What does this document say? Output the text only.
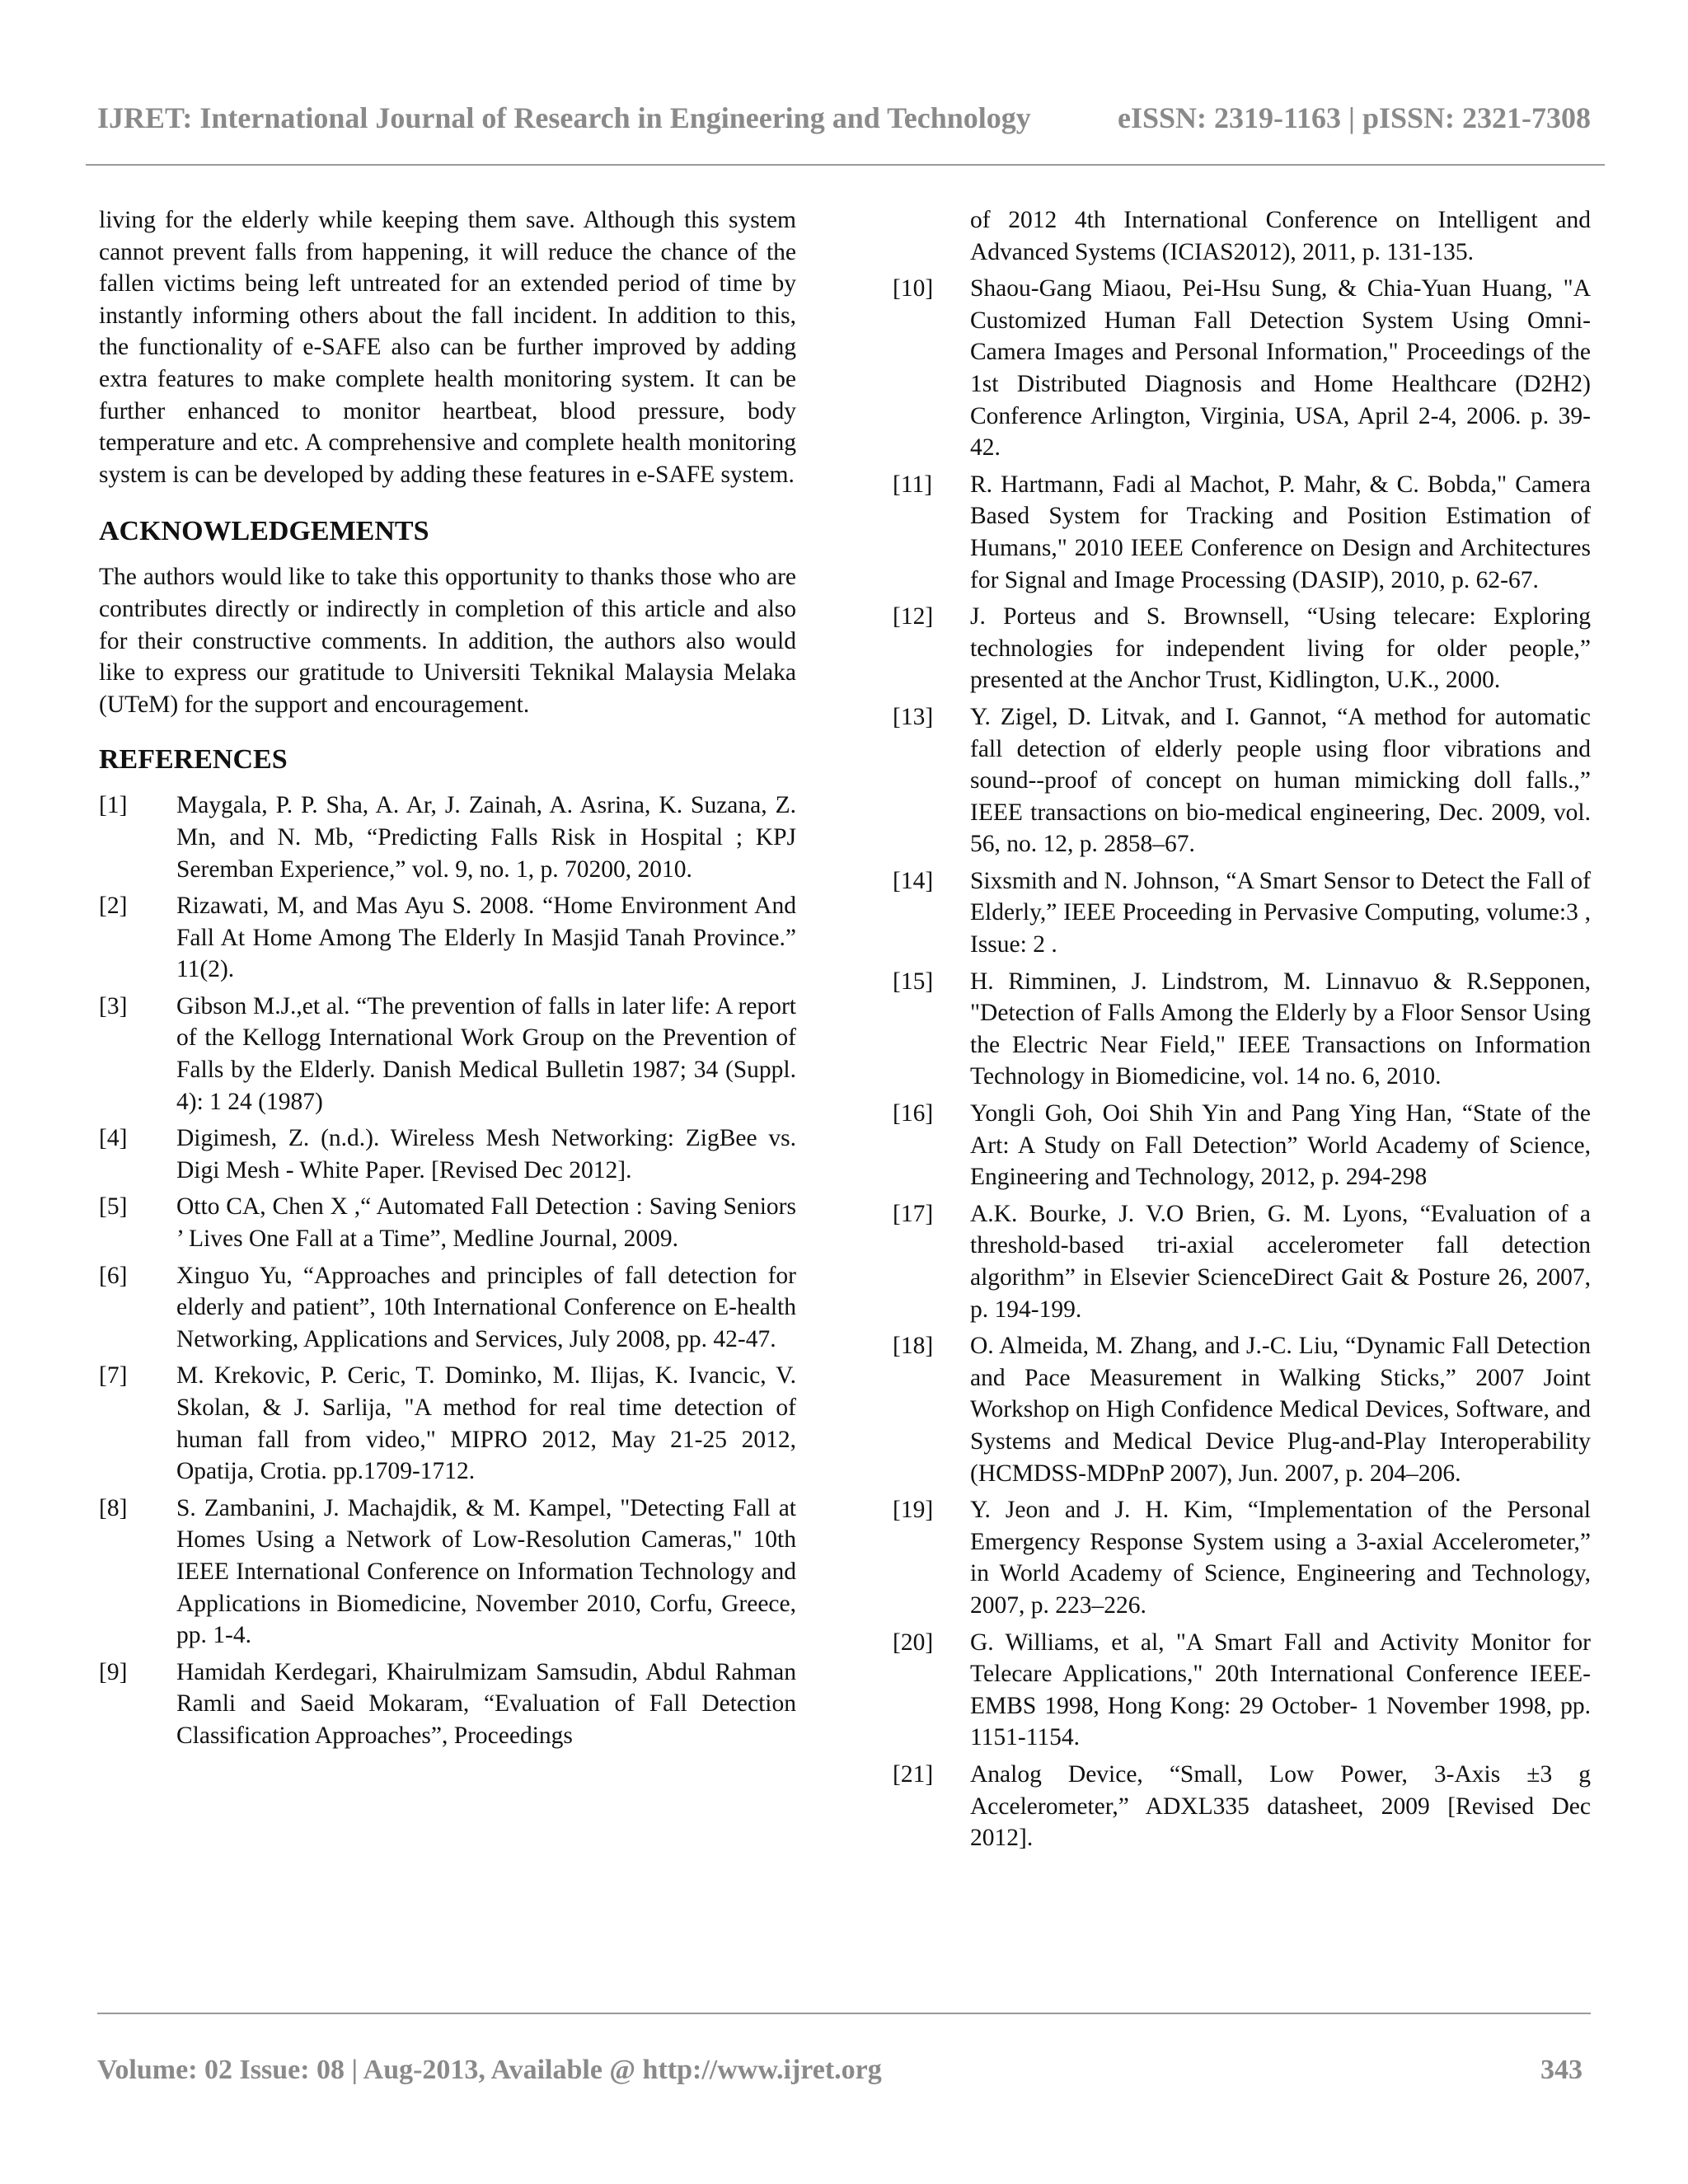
IJRET: International Journal of Research in Engineering and Technology	eISSN: 2319-1163 | pISSN: 2321-7308

living for the elderly while keeping them save. Although this system cannot prevent falls from happening, it will reduce the chance of the fallen victims being left untreated for an extended period of time by instantly informing others about the fall incident. In addition to this, the functionality of e-SAFE also can be further improved by adding extra features to make complete health monitoring system. It can be further enhanced to monitor heartbeat, blood pressure, body temperature and etc. A comprehensive and complete health monitoring system is can be developed by adding these features in e-SAFE system.

ACKNOWLEDGEMENTS

The authors would like to take this opportunity to thanks those who are contributes directly or indirectly in completion of this article and also for their constructive comments. In addition, the authors also would like to express our gratitude to Universiti Teknikal Malaysia Melaka (UTeM) for the support and encouragement.

REFERENCES
[1]	Maygala, P. P. Sha, A. Ar, J. Zainah, A. Asrina, K. Suzana, Z. Mn, and N. Mb, “Predicting Falls Risk in Hospital ; KPJ Seremban Experience,” vol. 9, no. 1, p. 70200, 2010.
[2]	Rizawati, M, and Mas Ayu S. 2008. “Home Environment And Fall At Home Among The Elderly In Masjid Tanah Province.” 11(2).
[3]	Gibson M.J.,et al. “The prevention of falls in later life: A report of the Kellogg International Work Group on the Prevention of Falls by the Elderly. Danish Medical Bulletin 1987; 34 (Suppl. 4): 1 24 (1987)
[4]	Digimesh, Z. (n.d.). Wireless Mesh Networking: ZigBee vs. Digi Mesh - White Paper. [Revised Dec 2012].
[5]	Otto CA, Chen X ,“ Automated Fall Detection : Saving Seniors ’ Lives One Fall at a Time”, Medline Journal, 2009.
[6]	Xinguo Yu, “Approaches and principles of fall detection for elderly and patient”, 10th International Conference on E-health Networking, Applications and Services, July 2008, pp. 42-47.
[7]	M. Krekovic, P. Ceric, T. Dominko, M. Ilijas, K. Ivancic, V. Skolan, & J. Sarlija, "A method for real time detection of human fall from video," MIPRO 2012, May 21-25 2012, Opatija, Crotia. pp.1709-1712.
[8]	S. Zambanini, J. Machajdik, & M. Kampel, "Detecting Fall at Homes Using a Network of Low-Resolution Cameras," 10th IEEE International Conference on Information Technology and Applications in Biomedicine, November 2010, Corfu, Greece, pp. 1-4.
[9]	Hamidah Kerdegari, Khairulmizam Samsudin, Abdul Rahman Ramli and Saeid Mokaram, “Evaluation of Fall Detection Classification Approaches”, Proceedings
of 2012 4th International Conference on Intelligent and Advanced Systems (ICIAS2012), 2011, p. 131-135.
[10]	Shaou-Gang Miaou, Pei-Hsu Sung, & Chia-Yuan Huang, "A Customized Human Fall Detection System Using Omni-Camera Images and Personal Information," Proceedings of the 1st Distributed Diagnosis and Home Healthcare (D2H2) Conference Arlington, Virginia, USA, April 2-4, 2006. p. 39-42.
[11]	R. Hartmann, Fadi al Machot, P. Mahr, & C. Bobda," Camera Based System for Tracking and Position Estimation of Humans," 2010 IEEE Conference on Design and Architectures for Signal and Image Processing (DASIP), 2010, p. 62-67.
[12]	J. Porteus and S. Brownsell, “Using telecare: Exploring technologies for independent living for older people,” presented at the Anchor Trust, Kidlington, U.K., 2000.
[13]	Y. Zigel, D. Litvak, and I. Gannot, “A method for automatic fall detection of elderly people using floor vibrations and sound--proof of concept on human mimicking doll falls.,” IEEE transactions on bio-medical engineering, Dec. 2009, vol. 56, no. 12, p. 2858–67.
[14]	Sixsmith and N. Johnson, “A Smart Sensor to Detect the Fall of Elderly,” IEEE Proceeding in Pervasive Computing, volume:3 , Issue: 2 .
[15]	H. Rimminen, J. Lindstrom, M. Linnavuo & R.Sepponen, "Detection of Falls Among the Elderly by a Floor Sensor Using the Electric Near Field," IEEE Transactions on Information Technology in Biomedicine, vol. 14 no. 6, 2010.
[16]	Yongli Goh, Ooi Shih Yin and Pang Ying Han, “State of the Art: A Study on Fall Detection” World Academy of Science, Engineering and Technology, 2012, p. 294-298
[17]	A.K. Bourke, J. V.O Brien, G. M. Lyons, “Evaluation of a threshold-based tri-axial accelerometer fall detection algorithm” in Elsevier ScienceDirect Gait & Posture 26, 2007, p. 194-199.
[18]	O. Almeida, M. Zhang, and J.-C. Liu, “Dynamic Fall Detection and Pace Measurement in Walking Sticks,” 2007 Joint Workshop on High Confidence Medical Devices, Software, and Systems and Medical Device Plug-and-Play Interoperability (HCMDSS-MDPnP 2007), Jun. 2007, p. 204–206.
[19]	Y. Jeon and J. H. Kim, “Implementation of the Personal Emergency Response System using a 3-axial Accelerometer,” in World Academy of Science, Engineering and Technology, 2007, p. 223–226.
[20]	G. Williams, et al, "A Smart Fall and Activity Monitor for Telecare Applications," 20th International Conference IEEE-EMBS 1998, Hong Kong: 29 October- 1 November 1998, pp. 1151-1154.
[21]	Analog Device, “Small, Low Power, 3-Axis ±3 g Accelerometer,” ADXL335 datasheet, 2009 [Revised Dec 2012].
Volume: 02 Issue: 08 | Aug-2013, Available @ http://www.ijret.org	343
